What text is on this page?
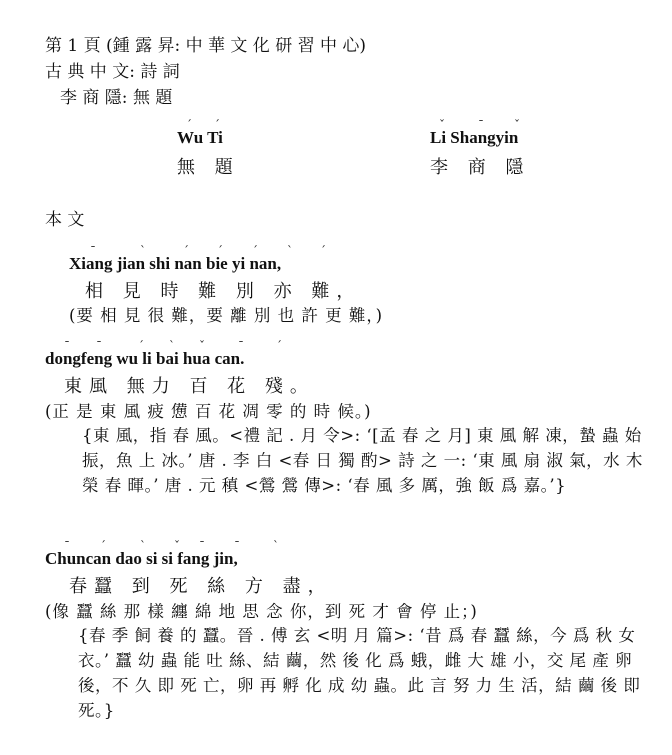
第 1 頁 (鍾 露 昇: 中 華 文 化 研 習 中 心)
古 典 中 文: 詩 詞
李 商 隱: 無 題
ˊ ˊ
Wu Ti
無 題
ˇ	ˉ	ˇ
Li Shangyin
李 商 隱
本 文
ˉ	ˋ	ˊ ˊ ˊ ˋ ˊ
Xiang jian shi nan bie yi nan,
相 見 時 難 別 亦 難，
(要 相 見 很 難，要 離 別 也 許 更 難，)
ˉ ˉ	ˊ ˋ ˇ	ˉ	ˊ
dongfeng wu li bai hua can.
東風 無力 百 花 殘。
(正 是 東 風 疲 憊 百 花 凋 零 的 時 候。)
{東 風，指 春 風。<禮 記 . 月 令>: ‘[孟 春 之 月] 東 風 解 凍，蟄 蟲 始 振，魚 上 冰。’ 唐 . 李 白 <春 日 獨 酌> 詩 之 一: ‘東 風 扇 淑 氣，水 木 榮 春 暉。’ 唐 . 元 稹 <鶯 鶯 傳>: ‘春 風 多 厲，強 飯 爲 嘉。’}
ˉ	ˊ	ˋ ˇ ˉ ˉ	ˋ
Chuncan dao si si fang jin,
春蠶 到 死 絲 方 盡，
(像 蠶 絲 那 樣 纏 綿 地 思 念 你，到 死 才 會 停 止；)
{春 季 飼 養 的 蠶。晉 . 傅 玄 <明 月 篇>: ‘昔 爲 春 蠶 絲，今 爲 秋 女 衣。’ 蠶 幼 蟲 能 吐 絲、結 繭，然 後 化 爲 蛾，雌 大 雄 小，交 尾 產 卵 後，不 久 即 死 亡，卵 再 孵 化 成 幼 蟲。此 言 努 力 生 活，結 繭 後 即 死。}
